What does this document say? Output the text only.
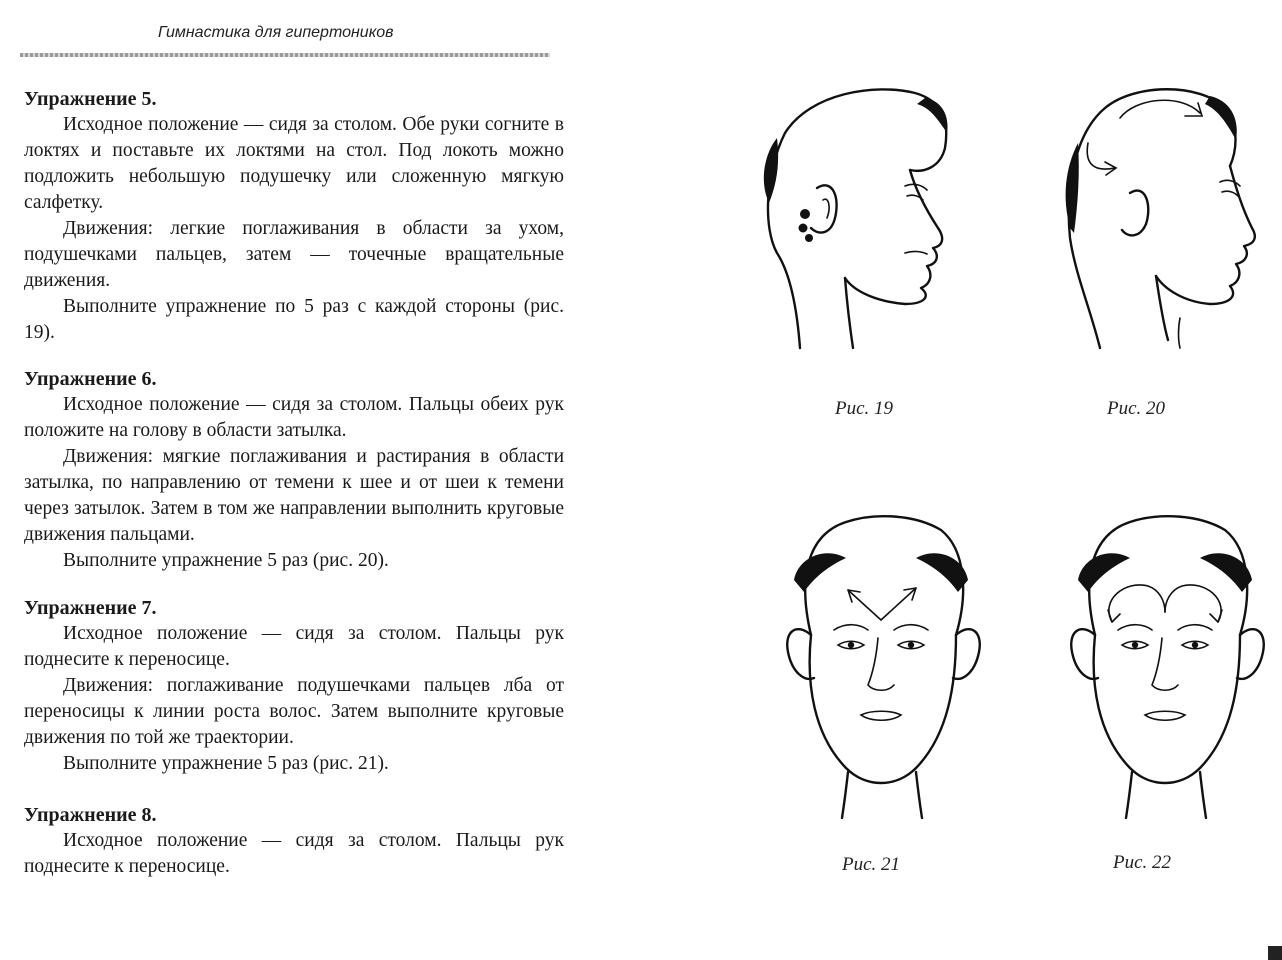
Гимнастика для гипертоников

Упражнение 5.

Исходное положение — сидя за столом. Обе руки согните в локтях и поставьте их локтями на стол. Под локоть можно подложить небольшую подушечку или сложенную мягкую салфетку.

Движения: легкие поглаживания в области за ухом, подушечками пальцев, затем — точечные вращательные движения.

Выполните упражнение по 5 раз с каждой стороны (рис. 19).

Упражнение 6.

Исходное положение — сидя за столом. Пальцы обеих рук положите на голову в области затылка.

Движения: мягкие поглаживания и растирания в области затылка, по направлению от темени к шее и от шеи к темени через затылок. Затем в том же направлении выполнить круговые движения пальцами.

Выполните упражнение 5 раз (рис. 20).

Упражнение 7.

Исходное положение — сидя за столом. Пальцы рук поднесите к переносице.

Движения: поглаживание подушечками пальцев лба от переносицы к линии роста волос. Затем выполните круговые движения по той же траектории.

Выполните упражнение 5 раз (рис. 21).

Упражнение 8.

Исходное положение — сидя за столом. Пальцы рук поднесите к переносице.

Рис. 19	Рис. 20
Рис. 21	Рис. 22
